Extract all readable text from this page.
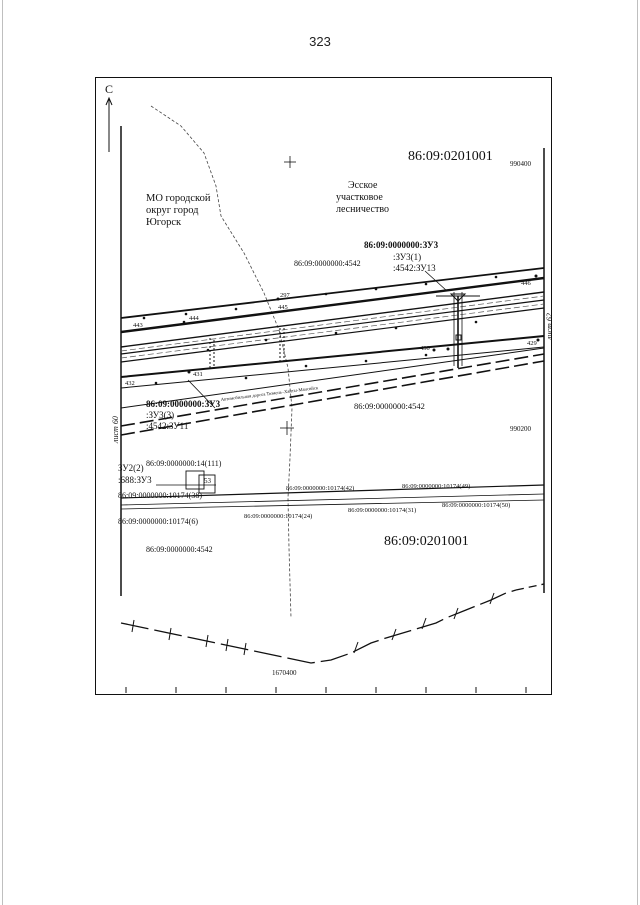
323
С
МО городской
округ город
Югорск
Эсское
участковое
лесничество
86:09:0201001
86:09:0201001
990400
990200
1670400
лист 60
лист 62
86:09:0000000:ЗУ3
:ЗУ3(1)
:4542:ЗУ13
86:09:0000000:4542
86:09:0000000:4542
86:09:0000000:4542
86:09:0000000:ЗУ3
:ЗУ3(3)
:4542:ЗУ11
ЗУ2(2)
:688:ЗУ3
86:09:0000000:14(111)
53
86:09:0000000:10174(38)
86:09:0000000:10174(6)
86:09:0000000:10174(42)	86:09:0000000:10174(49)
86:09:0000000:10174(24)
86:09:0000000:10174(31)
86:09:0000000:10174(50)
Автомобильная дорога Тюмень–Ханты-Мансийск
297
445
443
444
446
429
431
432
430
